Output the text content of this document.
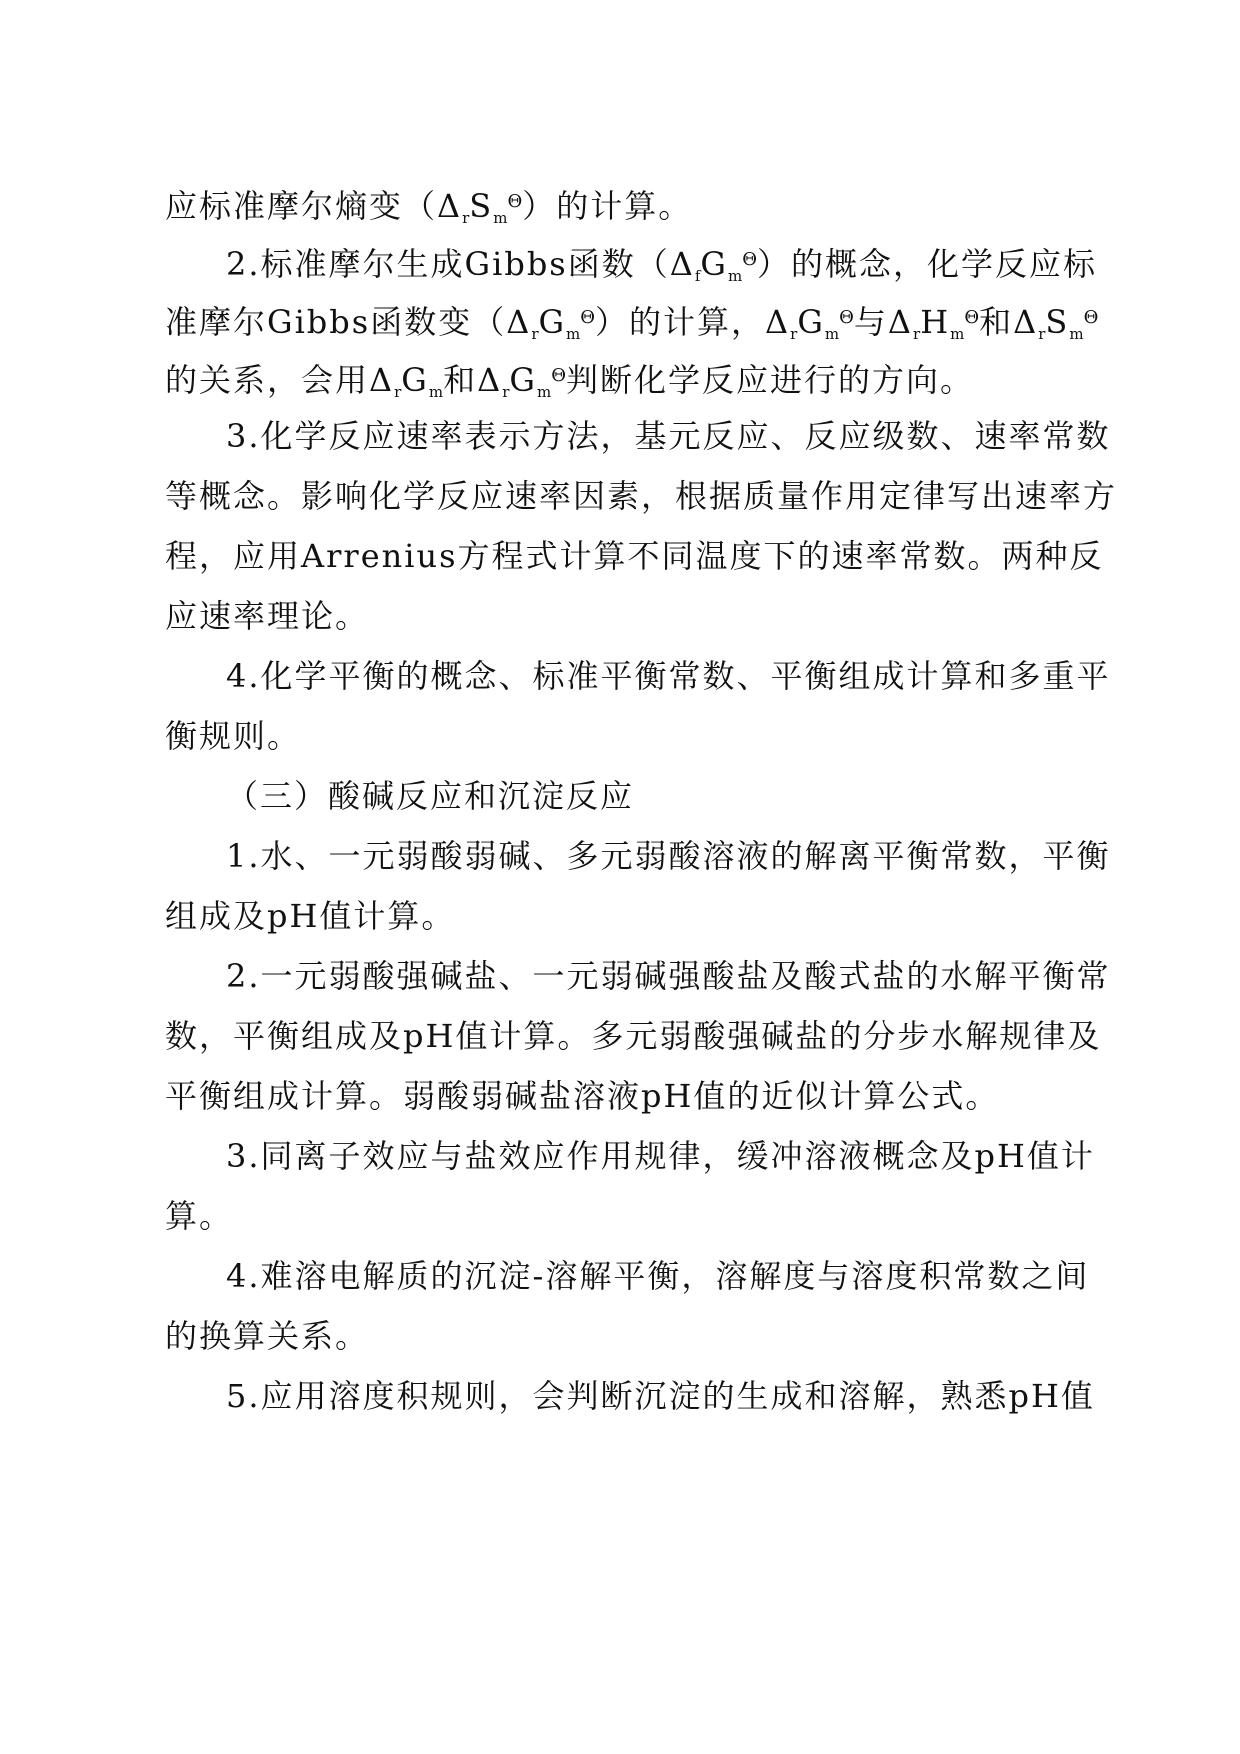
应标准摩尔熵变$(\Delta_rS_m^\Theta)$的计算。
2.标准摩尔生成Gibbs函数$(\Delta_fG_m^\Theta)$的概念，化学反应标
准摩尔Gibbs函数变$(\Delta_rG_m^\Theta)$的计算，$\Delta_rG_m^\Theta$与$\Delta_rH_m^\Theta$和$\Delta_rS_m^\Theta$
的关系，会用$\Delta_rG_m$和$\Delta_rG_m^\Theta$判断化学反应进行的方向。
3.化学反应速率表示方法，基元反应、反应级数、速率常数
等概念。影响化学反应速率因素，根据质量作用定律写出速率方
程，应用Arrenius方程式计算不同温度下的速率常数。两种反
应速率理论。
4.化学平衡的概念、标准平衡常数、平衡组成计算和多重平
衡规则。
（三）酸碱反应和沉淀反应
1.水、一元弱酸弱碱、多元弱酸溶液的解离平衡常数，平衡
组成及pH值计算。
2.一元弱酸强碱盐、一元弱碱强酸盐及酸式盐的水解平衡常
数，平衡组成及pH值计算。多元弱酸强碱盐的分步水解规律及
平衡组成计算。弱酸弱碱盐溶液pH值的近似计算公式。
3.同离子效应与盐效应作用规律，缓冲溶液概念及pH值计
算。
4.难溶电解质的沉淀-溶解平衡，溶解度与溶度积常数之间
的换算关系。
5.应用溶度积规则，会判断沉淀的生成和溶解，熟悉pH值
